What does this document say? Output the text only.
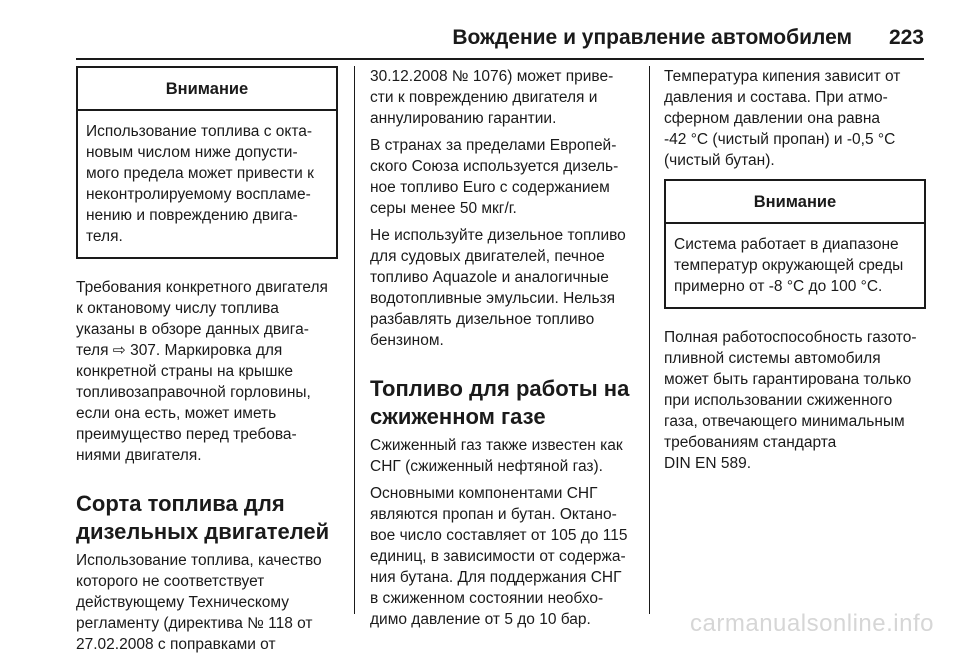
Вождение и управление автомобилем 223
Внимание
Использование топлива с окта-
новым числом ниже допусти-
мого предела может привести к
неконтролируемому воспламе-
нению и повреждению двига-
теля.

Требования конкретного двигателя
к октановому числу топлива
указаны в обзоре данных двига-
теля ⇨ 307. Маркировка для
конкретной страны на крышке
топливозаправочной горловины,
если она есть, может иметь
преимущество перед требова-
ниями двигателя.

Сорта топлива для
дизельных двигателей

Использование топлива, качество
которого не соответствует
действующему Техническому
регламенту (директива № 118 от
27.02.2008 с поправками от

30.12.2008 № 1076) может приве-
сти к повреждению двигателя и
аннулированию гарантии.

В странах за пределами Европей-
ского Союза используется дизель-
ное топливо Euro с содержанием
серы менее 50 мкг/г.

Не используйте дизельное топливо
для судовых двигателей, печное
топливо Aquazole и аналогичные
водотопливные эмульсии. Нельзя
разбавлять дизельное топливо
бензином.

Топливо для работы на
сжиженном газе

Сжиженный газ также известен как
СНГ (сжиженный нефтяной газ).

Основными компонентами СНГ
являются пропан и бутан. Октано-
вое число составляет от 105 до 115
единиц, в зависимости от содержа-
ния бутана. Для поддержания СНГ
в сжиженном состоянии необхо-
димо давление от 5 до 10 бар.

Температура кипения зависит от
давления и состава. При атмо-
сферном давлении она равна
-42 °C (чистый пропан) и -0,5 °C
(чистый бутан).

Внимание
Система работает в диапазоне
температур окружающей среды
примерно от -8 °C до 100 °C.

Полная работоспособность газото-
пливной системы автомобиля
может быть гарантирована только
при использовании сжиженного
газа, отвечающего минимальным
требованиям стандарта
DIN EN 589.

carmanualsonline.info
